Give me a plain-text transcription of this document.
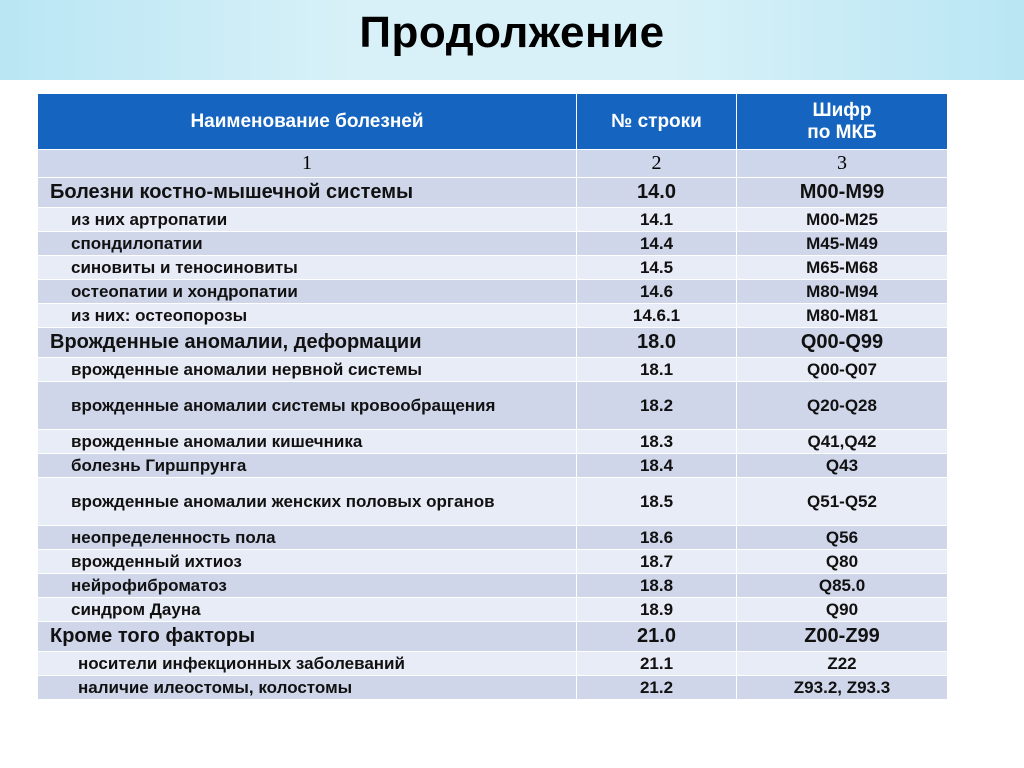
Продолжение
Наименование болезней	№ строки	Шифр
по МКБ
1	2	3
Болезни костно-мышечной системы	14.0	M00-M99
из них артропатии	14.1	M00-M25
спондилопатии	14.4	M45-M49
синовиты и теносиновиты	14.5	M65-M68
остеопатии и хондропатии	14.6	M80-M94
из них: остеопорозы	14.6.1	M80-M81
Врожденные аномалии, деформации	18.0	Q00-Q99
врожденные аномалии нервной системы	18.1	Q00-Q07
врожденные аномалии системы кровообращения	18.2	Q20-Q28
врожденные аномалии кишечника	18.3	Q41,Q42
болезнь Гиршпрунга	18.4	Q43
врожденные аномалии женских половых органов	18.5	Q51-Q52
неопределенность пола	18.6	Q56
врожденный ихтиоз	18.7	Q80
нейрофиброматоз	18.8	Q85.0
синдром Дауна	18.9	Q90
Кроме того факторы	21.0	Z00-Z99
носители инфекционных заболеваний	21.1	Z22
наличие илеостомы, колостомы	21.2	Z93.2, Z93.3
